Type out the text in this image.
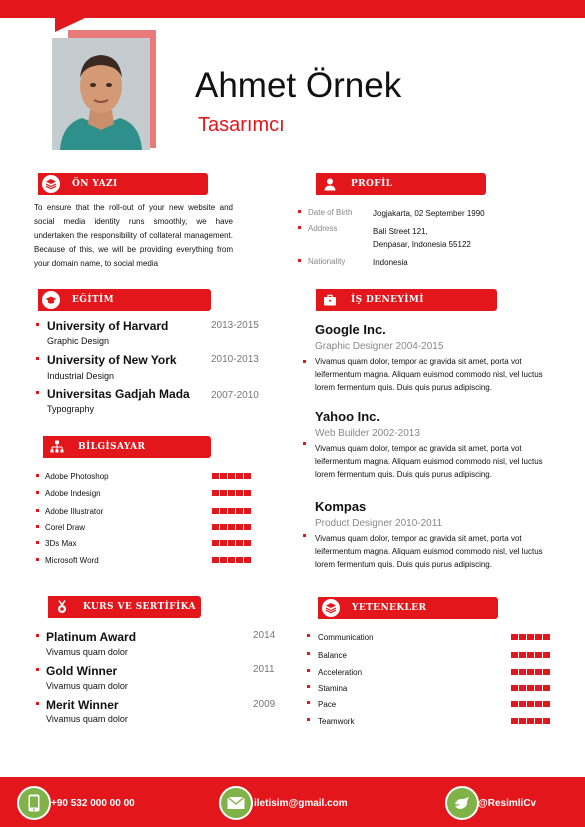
Ahmet Örnek
Tasarımcı
ÖN YAZI
To ensure that the roll-out of your new website and social media identity runs smoothly, we have undertaken the responsibility of collateral management. Because of this, we will be providing everything from your domain name, to social media
PROFİL
Date of Birth	Jogjakarta, 02 September 1990
Address	Bali Street 121,
Denpasar, Indonesia 55122
Nationality	Indonesia
EĞİTİM
University of Harvard
Graphic Design
2013-2015
University of New York
Industrial Design
2010-2013
Universitas Gadjah Mada
Typography
2007-2010
BİLGİSAYAR
Adobe Photoshop
Adobe Indesign
Adobe Illustrator
Corel Draw
3Ds Max
Microsoft Word
KURS VE SERTİFİKA
Platinum Award
Vivamus quam dolor
2014
Gold Winner
Vivamus quam dolor
2011
Merit Winner
Vivamus quam dolor
2009
İŞ DENEYİMİ
Google Inc.
Graphic Designer 2004-2015
Vivamus quam dolor, tempor ac gravida sit amet, porta vot leifermentum magna. Aliquam euismod commodo nisl, vel luctus lorem fermentum quis. Duis quis purus adipiscing.
Yahoo Inc.
Web Builder 2002-2013
Vivamus quam dolor, tempor ac gravida sit amet, porta vot leifermentum magna. Aliquam euismod commodo nisl, vel luctus lorem fermentum quis. Duis quis purus adipiscing.
Kompas
Product Designer 2010-2011
Vivamus quam dolor, tempor ac gravida sit amet, porta vot leifermentum magna. Aliquam euismod commodo nisl, vel luctus lorem fermentum quis. Duis quis purus adipiscing.
YETENEKLER
Communication
Balance
Acceleration
Stamina
Pace
Teamwork
+90 532 000 00 00	iletisim@gmail.com	@ResimliCv
